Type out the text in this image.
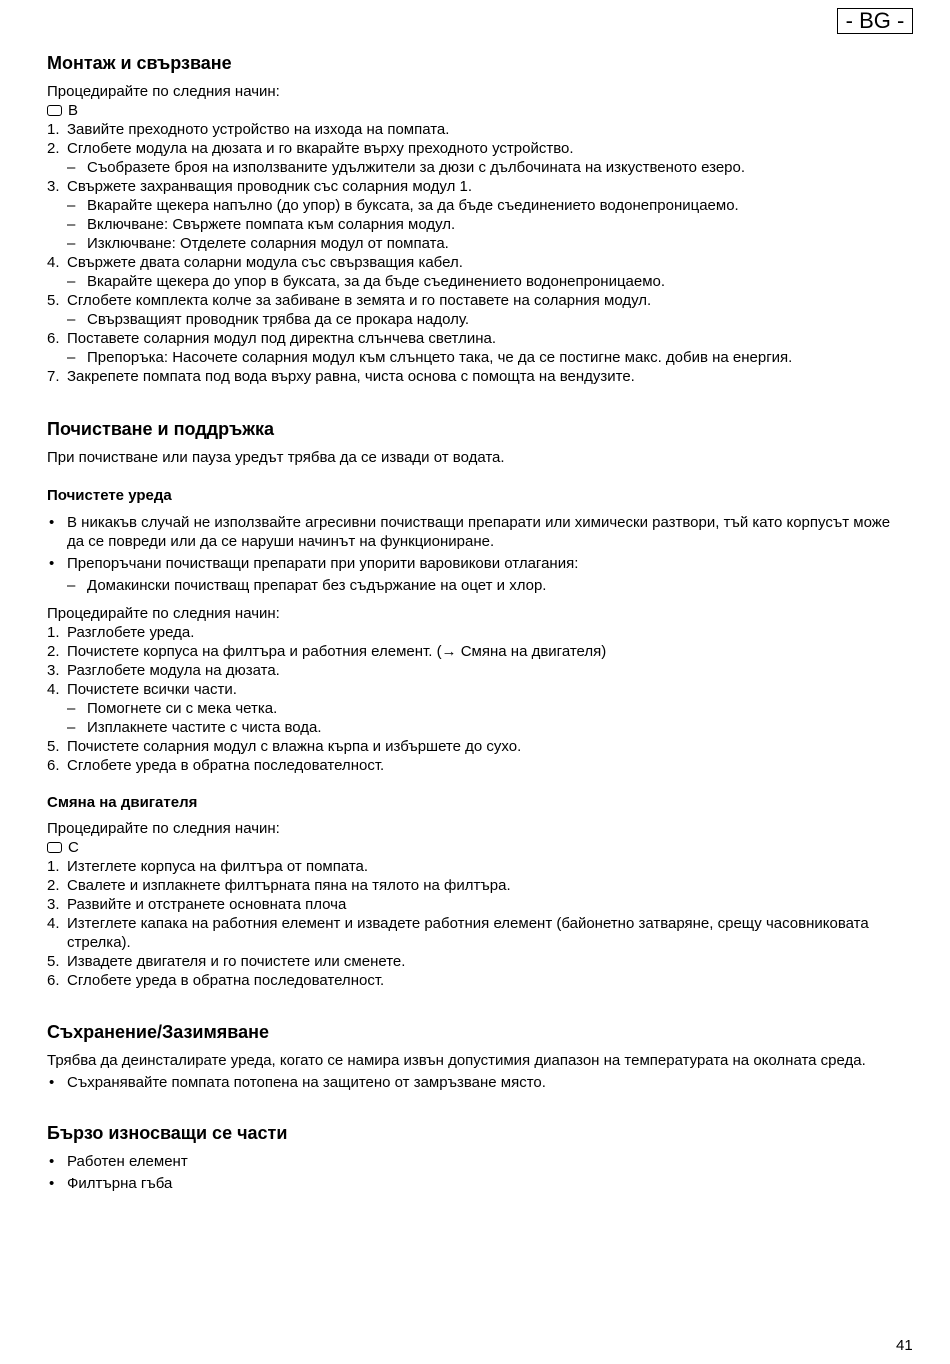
- BG -
Монтаж и свързване

Процедирайте по следния начин:

B
1. Завийте преходното устройство на изхода на помпата.
2. Сглобете модула на дюзата и го вкарайте върху преходното устройство.
– Съобразете броя на използваните удължители за дюзи с дълбочината на изкуственото езеро.
3. Свържете захранващия проводник със соларния модул 1.
– Вкарайте щекера напълно (до упор) в буксата, за да бъде съединението водонепроницаемо.
– Включване: Свържете помпата към соларния модул.
– Изключване: Отделете соларния модул от помпата.
4. Свържете двата соларни модула със свързващия кабел.
– Вкарайте щекера до упор в буксата, за да бъде съединението водонепроницаемо.
5. Сглобете комплекта колче за забиване в земята и го поставете на соларния модул.
– Свързващият проводник трябва да се прокара надолу.
6. Поставете соларния модул под директна слънчева светлина.
– Препоръка: Насочете соларния модул към слънцето така, че да се постигне макс. добив на енергия.
7. Закрепете помпата под вода върху равна, чиста основа с помощта на вендузите.
Почистване и поддръжка

При почистване или пауза уредът трябва да се извади от водата.

Почистете уреда
• В никакъв случай не използвайте агресивни почистващи препарати или химически разтвори, тъй като корпусът може да се повреди или да се наруши начинът на функциониране.
• Препоръчани почистващи препарати при упорити варовикови отлагания:
– Домакински почистващ препарат без съдържание на оцет и хлор.

Процедирайте по следния начин:

1. Разглобете уреда.
2. Почистете корпуса на филтъра и работния елемент. (→ Смяна на двигателя)
3. Разглобете модула на дюзата.
4. Почистете всички части.
– Помогнете си с мека четка.
– Изплакнете частите с чиста вода.
5. Почистете соларния модул с влажна кърпа и избършете до сухо.
6. Сглобете уреда в обратна последователност.
Смяна на двигателя

Процедирайте по следния начин:

C
1. Изтеглете корпуса на филтъра от помпата.
2. Свалете и изплакнете филтърната пяна на тялото на филтъра.
3. Развийте и отстранете основната плоча
4. Изтеглете капака на работния елемент и извадете работния елемент (байонетно затваряне, срещу часовниковата стрелка).
5. Извадете двигателя и го почистете или сменете.
6. Сглобете уреда в обратна последователност.
Съхранение/Зазимяване

Трябва да деинсталирате уреда, когато се намира извън допустимия диапазон на температурата на околната среда.

• Съхранявайте помпата потопена на защитено от замръзване място.
Бързо износващи се части
• Работен елемент
• Филтърна гъба
41
